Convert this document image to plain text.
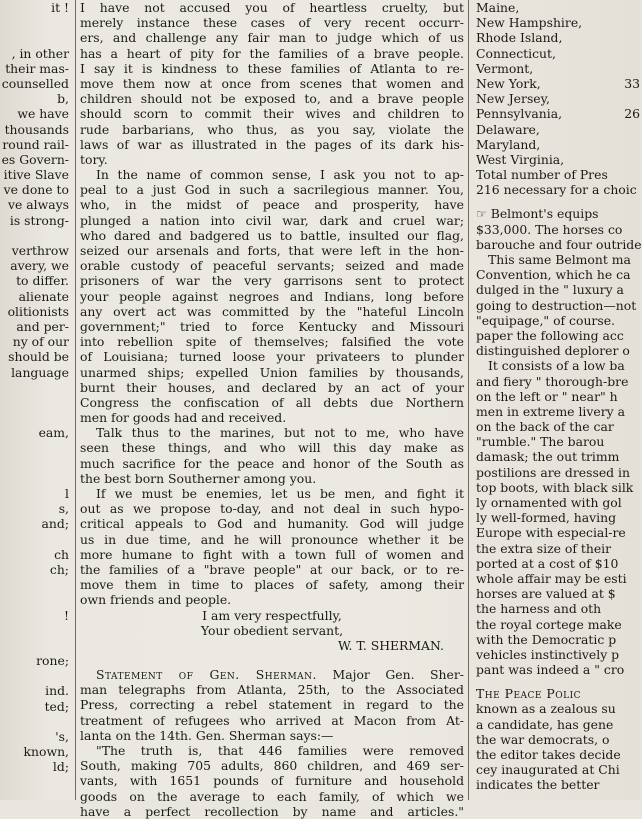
it !
, in other
their mas-
counselled
b,
we have
thousands
round rail-
es Govern-
itive Slave
ve done to
ve always
is strong-
verthrow
avery, we
to differ.
alienate
olitionists
and per-
ny of our
should be
language
eam,
l
s,
and;
ch
ch;
!
rone;
ind.
ted;
's,
known,
ld;
I have not accused you of heartless cruelty, but
merely instance these cases of very recent occurr-
ers, and challenge any fair man to judge which of us
has a heart of pity for the families of a brave people.
I say it is kindness to these families of Atlanta to re-
move them now at once from scenes that women and
children should not be exposed to, and a brave people
should scorn to commit their wives and children to
rude barbarians, who thus, as you say, violate the
laws of war as illustrated in the pages of its dark his-
tory.
In the name of common sense, I ask you not to ap-
peal to a just God in such a sacrilegious manner. You,
who, in the midst of peace and prosperity, have
plunged a nation into civil war, dark and cruel war;
who dared and badgered us to battle, insulted our flag,
seized our arsenals and forts, that were left in the hon-
orable custody of peaceful servants; seized and made
prisoners of war the very garrisons sent to protect
your people against negroes and Indians, long before
any overt act was committed by the "hateful Lincoln
government;" tried to force Kentucky and Missouri
into rebellion spite of themselves; falsified the vote
of Louisiana; turned loose your privateers to plunder
unarmed ships; expelled Union families by thousands,
burnt their houses, and declared by an act of your
Congress the confiscation of all debts due Northern
men for goods had and received.
Talk thus to the marines, but not to me, who have
seen these things, and who will this day make as
much sacrifice for the peace and honor of the South as
the best born Southerner among you.
If we must be enemies, let us be men, and fight it
out as we propose to-day, and not deal in such hypo-
critical appeals to God and humanity. God will judge
us in due time, and he will pronounce whether it be
more humane to fight with a town full of women and
the families of a "brave people" at our back, or to re-
move them in time to places of safety, among their
own friends and people.
I am very respectfully,
Your obedient servant,
W. T. SHERMAN.
Statement of Gen. Sherman. Major Gen. Sher-
man telegraphs from Atlanta, 25th, to the Associated
Press, correcting a rebel statement in regard to the
treatment of refugees who arrived at Macon from At-
lanta on the 14th. Gen. Sherman says:—
"The truth is, that 446 families were removed
South, making 705 adults, 860 children, and 469 ser-
vants, with 1651 pounds of furniture and household
goods on the average to each family, of which we
have a perfect recollection by name and articles."
Maine,
New Hampshire,
Rhode Island,
Connecticut,
Vermont,
New York,	33
New Jersey,
Pennsylvania,	26
Delaware,
Maryland,
West Virginia,
Total number of Pres
216 necessary for a choic
☞ Belmont's equips
$33,000. The horses co
barouche and four outride
This same Belmont ma
Convention, which he ca
dulged in the " luxury a
going to destruction—not
"equipage," of course.
paper the following acc
distinguished deplorer o
It consists of a low ba
and fiery " thorough-bre
on the left or " near" h
men in extreme livery a
on the back of the car
"rumble." The barou
damask; the out trimm
postilions are dressed in
top boots, with black silk
ly ornamented with gol
ly well-formed, having
Europe with especial-re
the extra size of their
ported at a cost of $10
whole affair may be esti
horses are valued at $
the harness and oth
the royal cortege make
with the Democratic p
vehicles instinctively p
pant was indeed a " cro
The Peace Polic
known as a zealous su
a candidate, has gene
the war democrats, o
the editor takes decide
cey inaugurated at Chi
indicates the better
